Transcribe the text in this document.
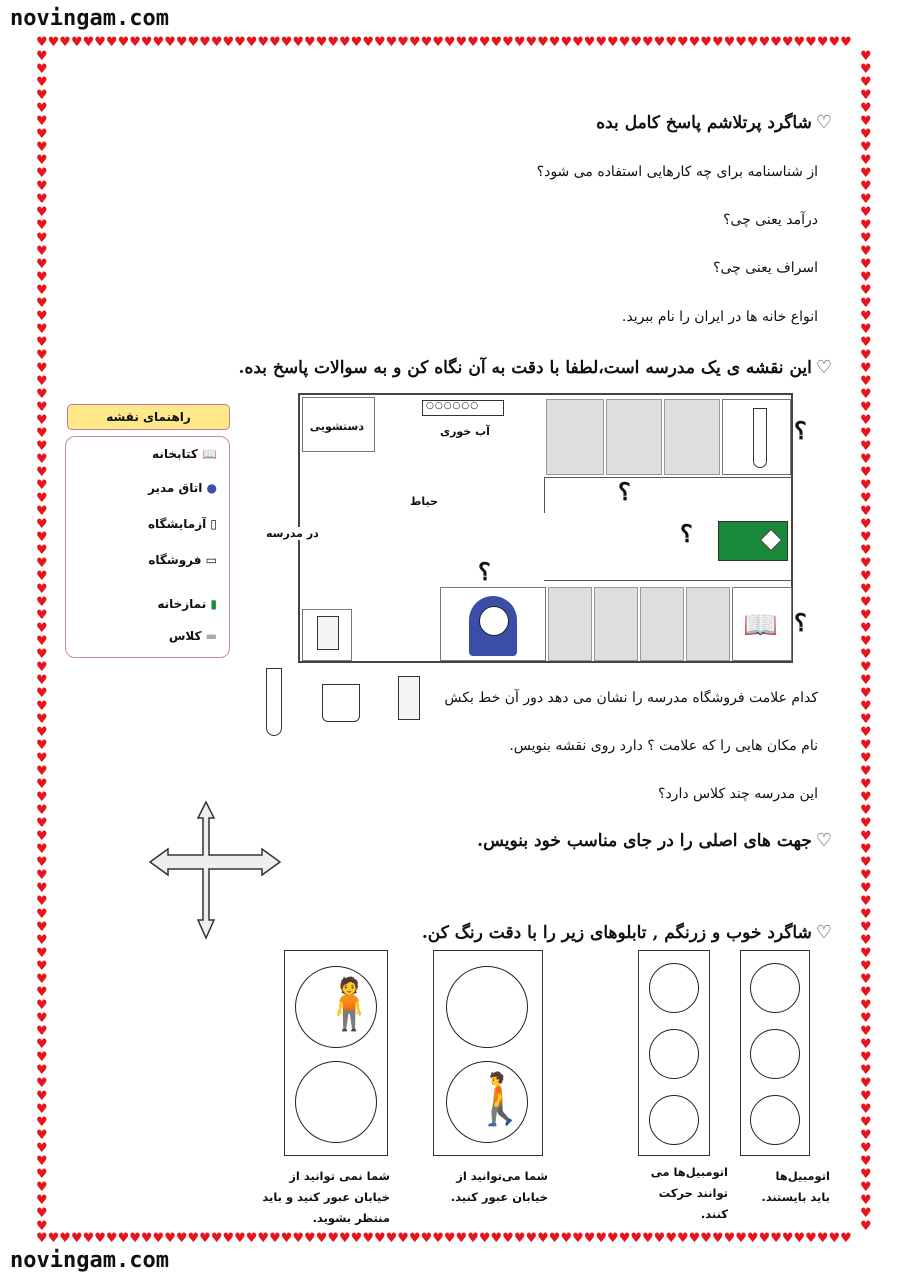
novingam.com
novingam.com
♥♥♥♥♥♥♥♥♥♥♥♥♥♥♥♥♥♥♥♥♥♥♥♥♥♥♥♥♥♥♥♥♥♥♥♥♥♥♥♥♥♥♥♥♥♥♥♥♥♥♥♥♥♥♥♥♥♥♥♥♥♥♥♥♥♥♥♥♥♥
♥♥♥♥♥♥♥♥♥♥♥♥♥♥♥♥♥♥♥♥♥♥♥♥♥♥♥♥♥♥♥♥♥♥♥♥♥♥♥♥♥♥♥♥♥♥♥♥♥♥♥♥♥♥♥♥♥♥♥♥♥♥♥♥♥♥♥♥♥♥
♥♥♥♥♥♥♥♥♥♥♥♥♥♥♥♥♥♥♥♥♥♥♥♥♥♥♥♥♥♥♥♥♥♥♥♥♥♥♥♥♥♥♥♥♥♥♥♥♥♥♥♥♥♥♥♥♥♥♥♥♥♥♥♥♥♥♥♥♥♥♥♥♥♥♥♥♥♥♥♥♥♥♥♥♥♥♥♥♥♥♥
♥♥♥♥♥♥♥♥♥♥♥♥♥♥♥♥♥♥♥♥♥♥♥♥♥♥♥♥♥♥♥♥♥♥♥♥♥♥♥♥♥♥♥♥♥♥♥♥♥♥♥♥♥♥♥♥♥♥♥♥♥♥♥♥♥♥♥♥♥♥♥♥♥♥♥♥♥♥♥♥♥♥♥♥♥♥♥♥♥♥♥
♡شاگرد پرتلاشم پاسخ کامل بده
از شناسنامه برای چه کارهایی استفاده می شود؟
درآمد یعنی چی؟
اسراف یعنی چی؟
انواع خانه ها در ایران را نام ببرید.
♡این نقشه ی یک مدرسه است،لطفا با دقت به آن نگاه کن و به سوالات پاسخ بده.
دستشویی
○○○○○○
آب خوری
حیاط
در مدرسه
📖
؟
؟
؟
؟
؟
راهنمای نقشه
📖 کتابخانه
● اتاق مدیر
▯ آزمایشگاه
▭ فروشگاه
▮ نمازخانه
▬ کلاس
کدام علامت فروشگاه مدرسه را نشان می دهد دور آن خط بکش
نام مکان هایی را که علامت ؟ دارد روی نقشه بنویس.
این مدرسه چند کلاس دارد؟
♡جهت های اصلی را در جای مناسب خود بنویس.
♡شاگرد خوب و زرنگم , تابلوهای زیر را با دقت رنگ کن.
🚶
🧍
اتومبیل‌ها باید بایستند.
اتومبیل‌ها می توانند حرکت کنند.
شما می‌توانید از خیابان عبور کنید.
شما نمی توانید از خیابان عبور کنید و باید منتظر بشوید.
